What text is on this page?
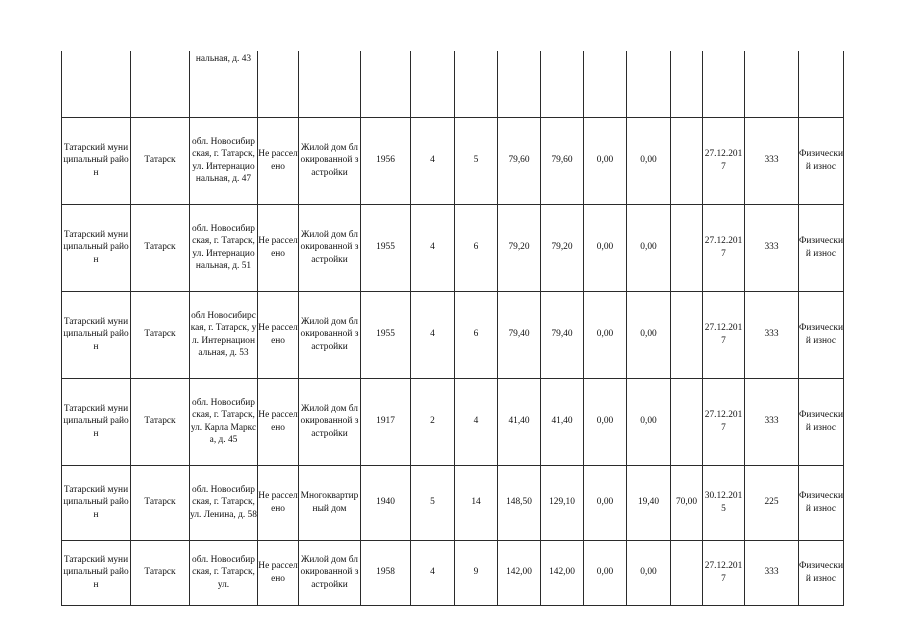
		нальная, д. 43													
Татарский муниципальный район	Татарск	обл. Новосибирская, г. Татарск, ул. Интернациональная, д. 47	Не расселено	Жилой дом блокированной застройки	1956	4	5	79,60	79,60	0,00	0,00		27.12.2017	333	Физический износ
Татарский муниципальный район	Татарск	обл. Новосибирская, г. Татарск, ул. Интернациональная, д. 51	Не расселено	Жилой дом блокированной застройки	1955	4	6	79,20	79,20	0,00	0,00		27.12.2017	333	Физический износ
Татарский муниципальный район	Татарск	обл Новосибирская, г. Татарск, ул. Интернациональная, д. 53	Не расселено	Жилой дом блокированной застройки	1955	4	6	79,40	79,40	0,00	0,00		27.12.2017	333	Физический износ
Татарский муниципальный район	Татарск	обл. Новосибирская, г. Татарск, ул. Карла Маркса, д. 45	Не расселено	Жилой дом блокированной застройки	1917	2	4	41,40	41,40	0,00	0,00		27.12.2017	333	Физический износ
Татарский муниципальный район	Татарск	обл. Новосибирская, г. Татарск, ул. Ленина, д. 58	Не расселено	Многоквартирный дом	1940	5	14	148,50	129,10	0,00	19,40	70,00	30.12.2015	225	Физический износ
Татарский муниципальный район	Татарск	обл. Новосибирская, г. Татарск, ул.	Не расселено	Жилой дом блокированной застройки	1958	4	9	142,00	142,00	0,00	0,00		27.12.2017	333	Физический износ
